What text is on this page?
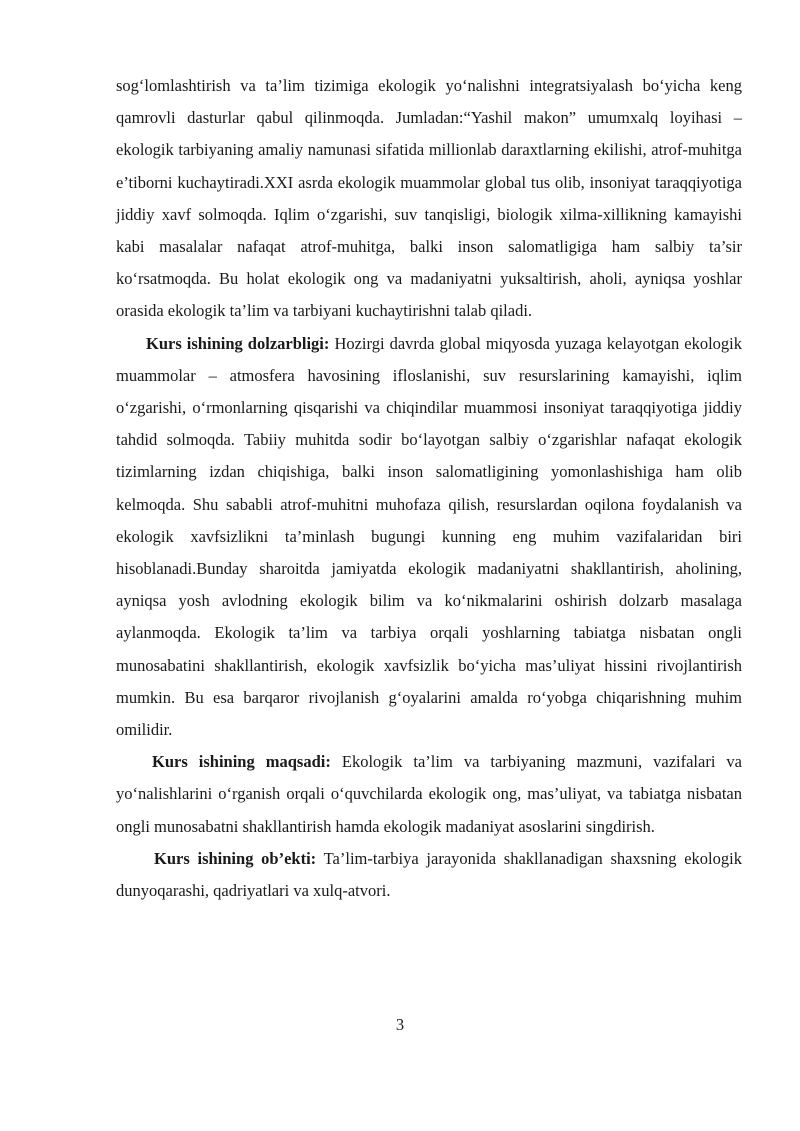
sog‘lomlashtirish va ta’lim tizimiga ekologik yo‘nalishni integratsiyalash bo‘yicha keng qamrovli dasturlar qabul qilinmoqda. Jumladan:“Yashil makon” umumxalq loyihasi – ekologik tarbiyaning amaliy namunasi sifatida millionlab daraxtlarning ekilishi, atrof-muhitga e’tiborni kuchaytiradi.XXI asrda ekologik muammolar global tus olib, insoniyat taraqqiyotiga jiddiy xavf solmoqda. Iqlim o‘zgarishi, suv tanqisligi, biologik xilma-xillikning kamayishi kabi masalalar nafaqat atrof-muhitga, balki inson salomatligiga ham salbiy ta’sir ko‘rsatmoqda. Bu holat ekologik ong va madaniyatni yuksaltirish, aholi, ayniqsa yoshlar orasida ekologik ta’lim va tarbiyani kuchaytirishni talab qiladi.

Kurs ishining dolzarbligi: Hozirgi davrda global miqyosda yuzaga kelayotgan ekologik muammolar – atmosfera havosining ifloslanishi, suv resurslarining kamayishi, iqlim o‘zgarishi, o‘rmonlarning qisqarishi va chiqindilar muammosi insoniyat taraqqiyotiga jiddiy tahdid solmoqda. Tabiiy muhitda sodir bo‘layotgan salbiy o‘zgarishlar nafaqat ekologik tizimlarning izdan chiqishiga, balki inson salomatligining yomonlashishiga ham olib kelmoqda. Shu sababli atrof-muhitni muhofaza qilish, resurslardan oqilona foydalanish va ekologik xavfsizlikni ta’minlash bugungi kunning eng muhim vazifalaridan biri hisoblanadi.Bunday sharoitda jamiyatda ekologik madaniyatni shakllantirish, aholining, ayniqsa yosh avlodning ekologik bilim va ko‘nikmalarini oshirish dolzarb masalaga aylanmoqda. Ekologik ta’lim va tarbiya orqali yoshlarning tabiatga nisbatan ongli munosabatini shakllantirish, ekologik xavfsizlik bo‘yicha mas’uliyat hissini rivojlantirish mumkin. Bu esa barqaror rivojlanish g‘oyalarini amalda ro‘yobga chiqarishning muhim omilidir.

Kurs ishining maqsadi: Ekologik ta’lim va tarbiyaning mazmuni, vazifalari va yo‘nalishlarini o‘rganish orqali o‘quvchilarda ekologik ong, mas’uliyat, va tabiatga nisbatan ongli munosabatni shakllantirish hamda ekologik madaniyat asoslarini singdirish.

Kurs ishining ob’ekti: Ta’lim-tarbiya jarayonida shakllanadigan shaxsning ekologik dunyoqarashi, qadriyatlari va xulq-atvori.

3
